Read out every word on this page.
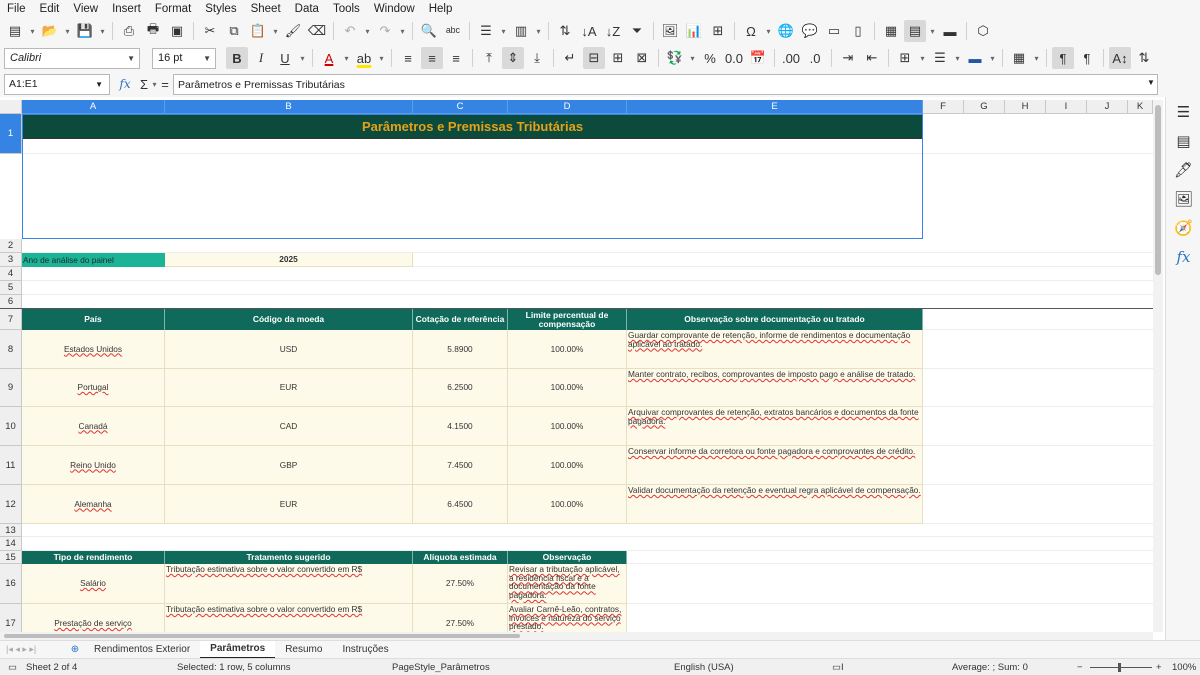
File	Edit	View	Insert	Format	Styles	Sheet	Data	Tools	Window	Help
▤	▾ 📂 ▾ 💾 ▾	⎙ 🖶 ▣	✂	⧉ 📋 ▾ 🖌 ⌫	↶	▾ ↷	▾ 🔍 ᵃᵇᶜ	☰	▾ ▥	▾	⇅ ↓A ↓Z ⏷	🖼 📊 ⊞	Ω	▾ 🌐 💬 ▭	▯	▦ ▤	▾ ▬	⬡
Calibri	▼ 16 pt	▼	B	I	U	▾	A	▾ ab	▾	≡	≡	≡	⤒	⇕	⤓	↵	⊟	⊞	⊠	💱 ▾ % 0.0 📅 .00 .0	⇥	⇤	⊞	▾ ☰	▾ ▬	▾	▦	▾	¶	¶	A↕ ⇅
A1:E1	▼ fx Σ ▾ = Parâmetros e Premissas Tributárias	▼
☰
▤
🖋
🖼
🧭
fx
A	B	C	D	E	F	G	H	I	J	K
1
2
3
4
5
6
7
8
9
10
11
12
13
14
15
16
17
Parâmetros e Premissas Tributárias
Ano de análise do painel	2025
País	Código da moeda	Cotação de referência	Limite percentual de compensação	Observação sobre documentação ou tratado
Estados Unidos	USD	5.8900	100.00%
Guardar comprovante de retenção, informe de rendimentos e documentação aplicável ao tratado.
Portugal	EUR	6.2500	100.00%
Manter contrato, recibos, comprovantes de imposto pago e análise de tratado.
Canadá	CAD	4.1500	100.00%
Arquivar comprovantes de retenção, extratos bancários e documentos da fonte pagadora.
Reino Unido	GBP	7.4500	100.00%
Conservar informe da corretora ou fonte pagadora e comprovantes de crédito.
Alemanha	EUR	6.4500	100.00%
Validar documentação da retenção e eventual regra aplicável de compensação.
Tipo de rendimento	Tratamento sugerido	Alíquota estimada	Observação
Salário
Tributação estimativa sobre o valor convertido em R$
27.50%
Revisar a tributação aplicável, a residência fiscal e a documentação da fonte pagadora.
Prestação de serviço
Tributação estimativa sobre o valor convertido em R$
27.50%
Avaliar Carnê-Leão, contratos, invoices e natureza do serviço prestado.
|◂ ◂ ▸ ▸|	⊕	Rendimentos Exterior	Parâmetros	Resumo	Instruções
▭ Sheet 2 of 4	Selected: 1 row, 5 columns	PageStyle_Parâmetros	English (USA)	▭I	Average: ; Sum: 0	−	+ 100%
